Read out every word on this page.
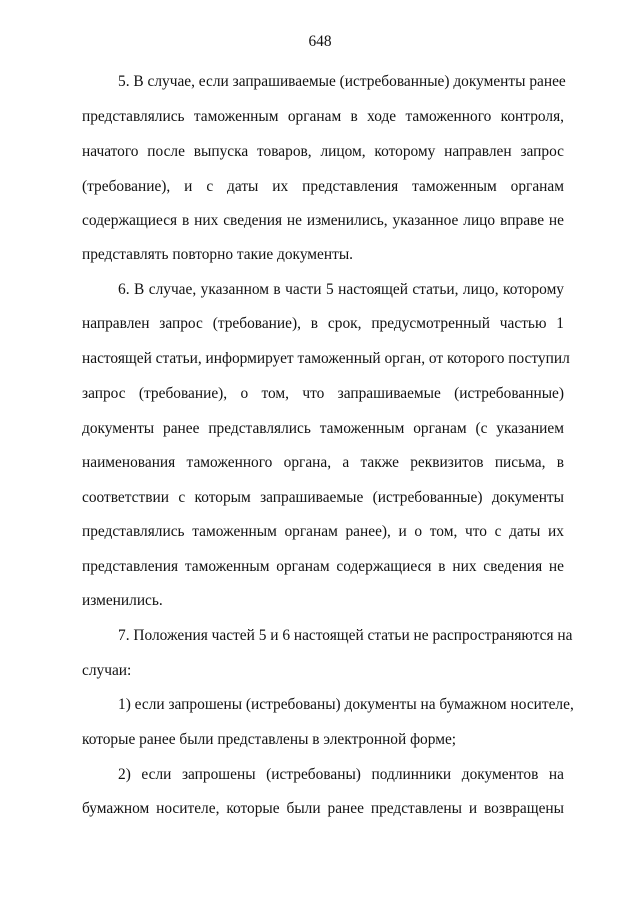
648
5. В случае, если запрашиваемые (истребованные) документы ранее
представлялись таможенным органам в ходе таможенного контроля,
начатого после выпуска товаров, лицом, которому направлен запрос
(требование), и с даты их представления таможенным органам
содержащиеся в них сведения не изменились, указанное лицо вправе не
представлять повторно такие документы.
6. В случае, указанном в части 5 настоящей статьи, лицо, которому
направлен запрос (требование), в срок, предусмотренный частью 1
настоящей статьи, информирует таможенный орган, от которого поступил
запрос (требование), о том, что запрашиваемые (истребованные)
документы ранее представлялись таможенным органам (с указанием
наименования таможенного органа, а также реквизитов письма, в
соответствии с которым запрашиваемые (истребованные) документы
представлялись таможенным органам ранее), и о том, что с даты их
представления таможенным органам содержащиеся в них сведения не
изменились.
7. Положения частей 5 и 6 настоящей статьи не распространяются на
случаи:
1) если запрошены (истребованы) документы на бумажном носителе,
которые ранее были представлены в электронной форме;
2) если запрошены (истребованы) подлинники документов на
бумажном носителе, которые были ранее представлены и возвращены
